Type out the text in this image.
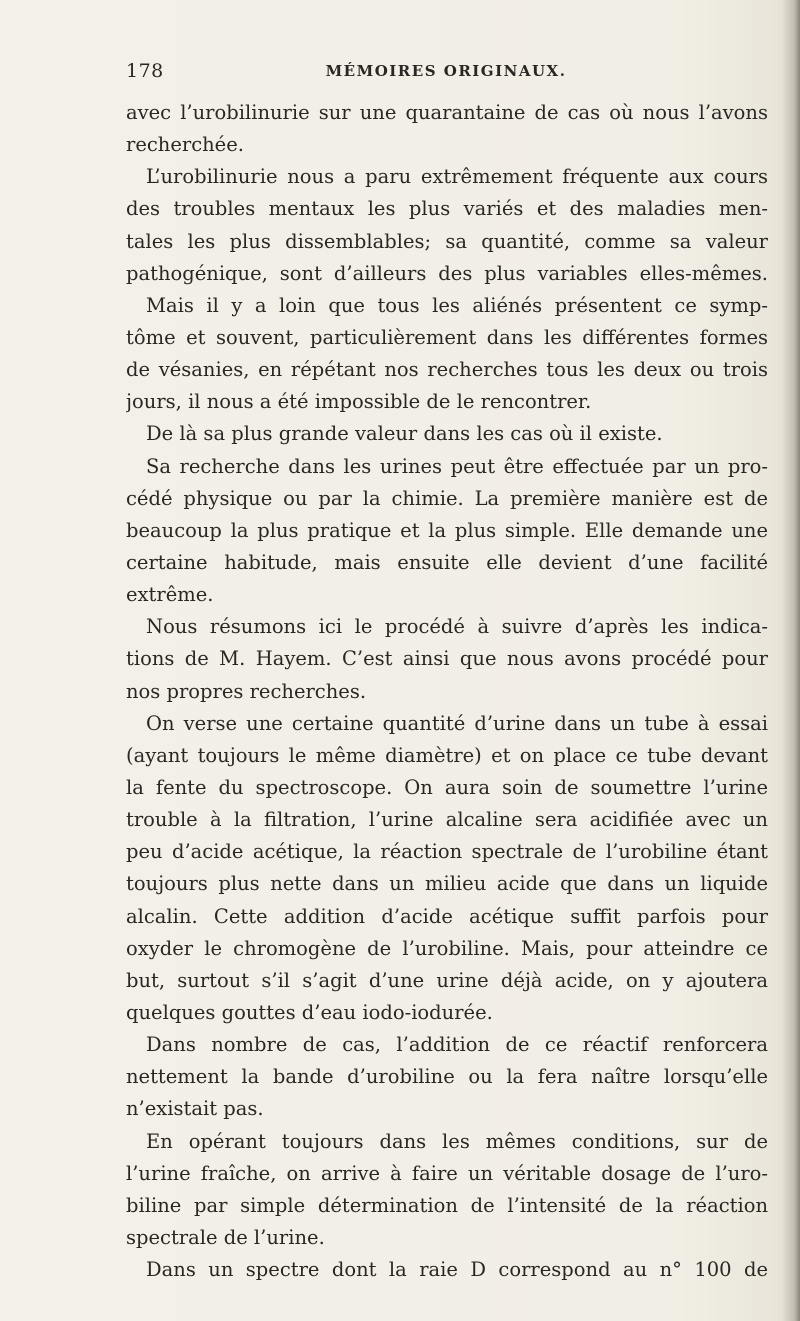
178	MÉMOIRES ORIGINAUX.
avec l’urobilinurie sur une quarantaine de cas où nous l’avons
recherchée.
L’urobilinurie nous a paru extrêmement fréquente aux cours
des troubles mentaux les plus variés et des maladies men-
tales les plus dissemblables; sa quantité, comme sa valeur
pathogénique, sont d’ailleurs des plus variables elles-mêmes.
Mais il y a loin que tous les aliénés présentent ce symp-
tôme et souvent, particulièrement dans les différentes formes
de vésanies, en répétant nos recherches tous les deux ou trois
jours, il nous a été impossible de le rencontrer.
De là sa plus grande valeur dans les cas où il existe.
Sa recherche dans les urines peut être effectuée par un pro-
cédé physique ou par la chimie. La première manière est de
beaucoup la plus pratique et la plus simple. Elle demande une
certaine habitude, mais ensuite elle devient d’une facilité
extrême.
Nous résumons ici le procédé à suivre d’après les indica-
tions de M. Hayem. C’est ainsi que nous avons procédé pour
nos propres recherches.
On verse une certaine quantité d’urine dans un tube à essai
(ayant toujours le même diamètre) et on place ce tube devant
la fente du spectroscope. On aura soin de soumettre l’urine
trouble à la filtration, l’urine alcaline sera acidifiée avec un
peu d’acide acétique, la réaction spectrale de l’urobiline étant
toujours plus nette dans un milieu acide que dans un liquide
alcalin. Cette addition d’acide acétique suffit parfois pour
oxyder le chromogène de l’urobiline. Mais, pour atteindre ce
but, surtout s’il s’agit d’une urine déjà acide, on y ajoutera
quelques gouttes d’eau iodo-iodurée.
Dans nombre de cas, l’addition de ce réactif renforcera
nettement la bande d’urobiline ou la fera naître lorsqu’elle
n’existait pas.
En opérant toujours dans les mêmes conditions, sur de
l’urine fraîche, on arrive à faire un véritable dosage de l’uro-
biline par simple détermination de l’intensité de la réaction
spectrale de l’urine.
Dans un spectre dont la raie D correspond au n° 100 de
